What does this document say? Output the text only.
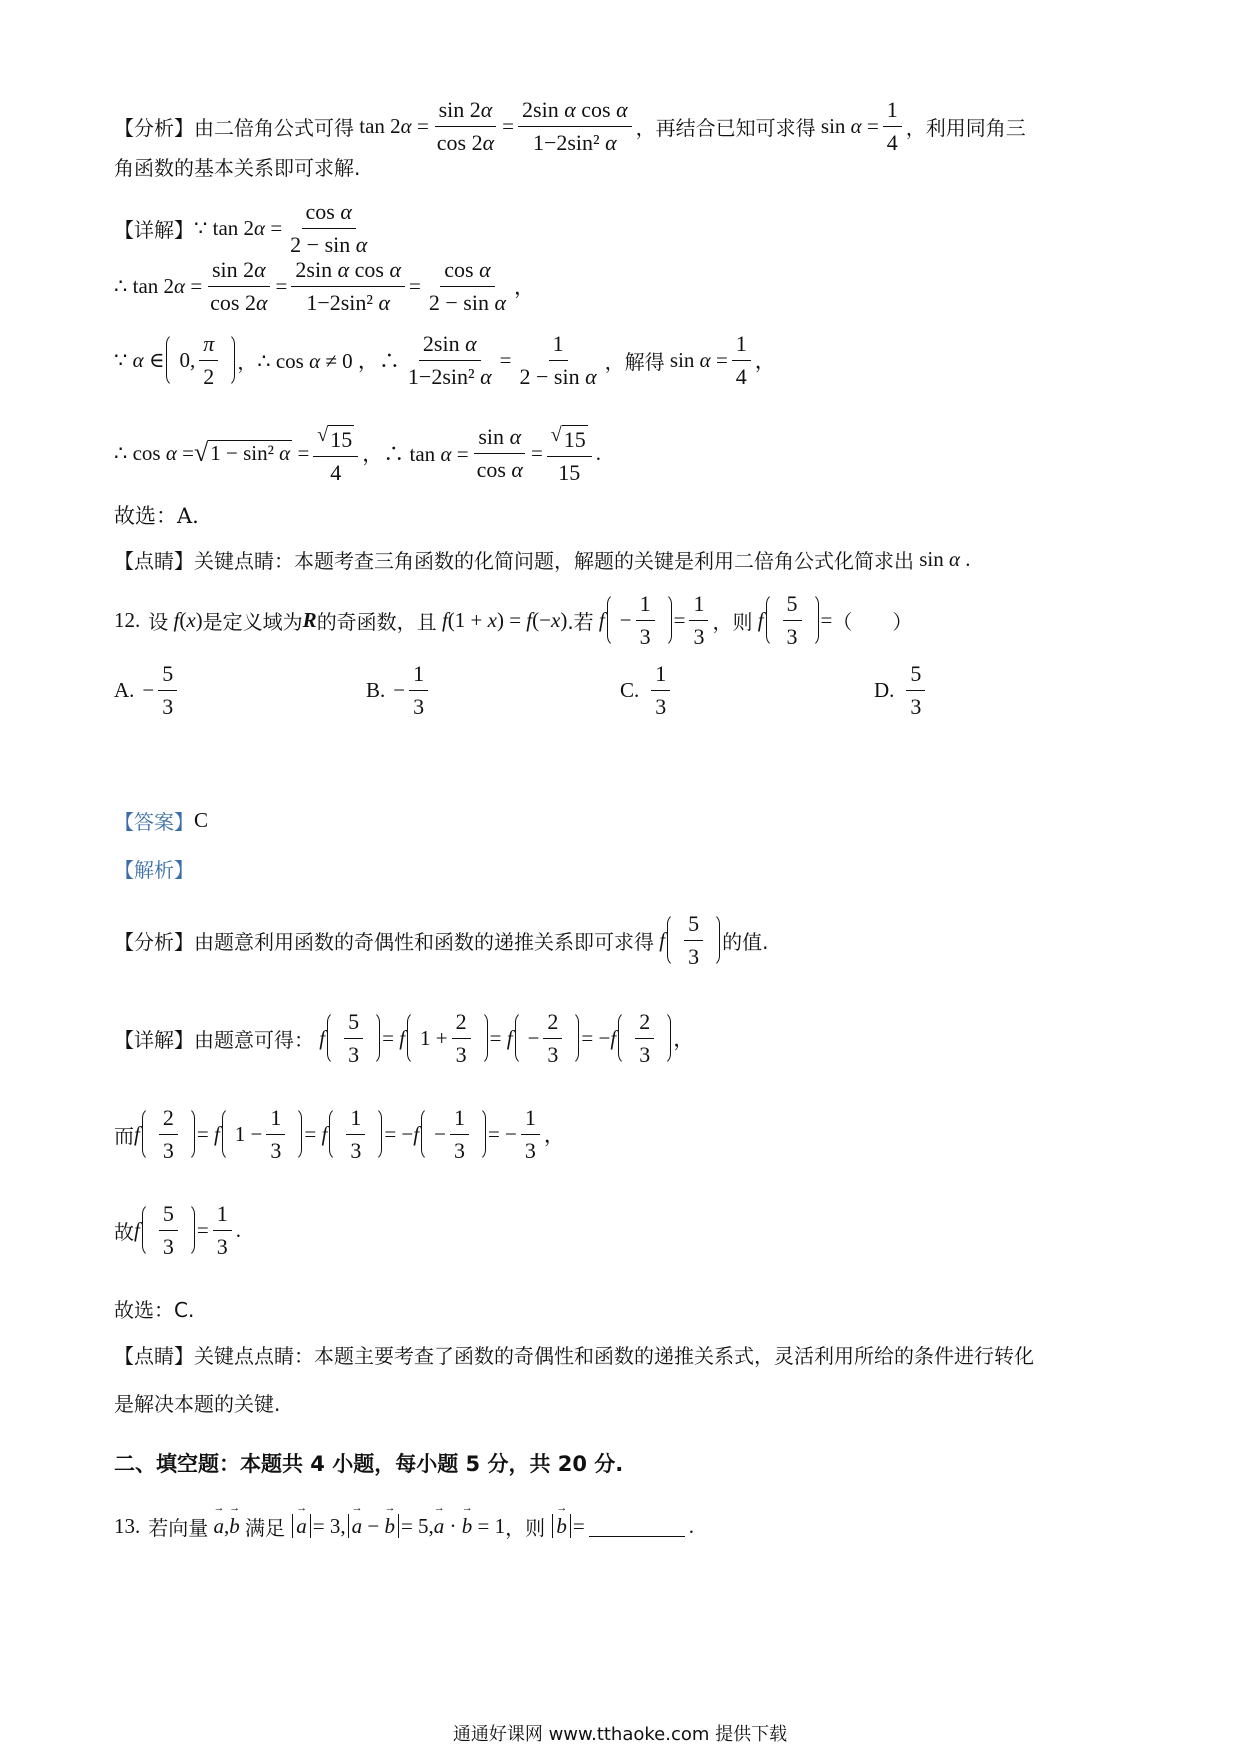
【分析】 由二倍角公式可得 $\tan 2\alpha = \frac{\sin 2\alpha}{\cos 2\alpha} = \frac{\text{2sin α cos α}}{\text{1−2sin² α}}$ ，再结合已知可求得 $\sin \alpha = \frac{1}{4}$ ，利用同角三
角函数的基本关系即可求解.
【详解】 ∵ $\tan 2\alpha = \frac{\text{cos α}}{\text{2 − sin α}}$
∴ $\tan 2\alpha = \frac{\sin 2\alpha}{\cos 2\alpha} = \frac{\text{2sin α cos α}}{\text{1−2sin² α}} = \frac{\text{cos α}}{\text{2 − sin α}}$ ，
∵ α ∈ 0, $\frac{\pi}{2}$ ， ∴ cos α ≠ 0 ，∴ $\frac{\text{2sin α}}{\text{1−2sin² α}} = \frac{1}{\text{2 − sin α}}$ ，解得 $\sin \alpha = \frac{1}{4}$ ，
∴ cos α = √ 1 − sin² $\alpha = \frac{√ 15}{4}$ ，∴ $\tan \alpha = \frac{\text{sin α}}{\text{cos α}} = \frac{√ 15}{15}$ .
故选：A.
【点睛】 关键点睛：本题考查三角函数的化简问题，解题的关键是利用二倍角公式化简求出 sin α .
12. 设 f(x) 是定义域为 R 的奇函数，且 f(1 + x) = f(−x) .若 $f - \frac{1}{3} = \frac{1}{3}$ ，则 f $\frac{5}{3}$ = （　　）
A. − $\frac{5}{3}$	B. − $\frac{1}{3}$	C. $\frac{1}{3}$	D. $\frac{5}{3}$
【答案】 C
【解析】
【分析】 由题意利用函数的奇偶性和函数的递推关系即可求得 f $\frac{5}{3}$ 的值.
【详解】 由题意可得： f $\frac{5}{3} = f$ $1 + \frac{2}{3} = f - \frac{2}{3} = -f \frac{2}{3}$ ，
而 f $\frac{2}{3} = f$ $1 - \frac{1}{3} = f \frac{1}{3} = -f - \frac{1}{3}$ = − $\frac{1}{3}$ ，
故 f $\frac{5}{3} = \frac{1}{3}$ .
故选：C.
【点睛】 关键点点睛：本题主要考查了函数的奇偶性和函数的递推关系式，灵活利用所给的条件进行转化
是解决本题的关键.
二、填空题：本题共 4 小题，每小题 5 分，共 20 分.
13. 若向量 → a,→ b 满足 → a = 3, → a − → b = 5,→ a · → b = 1 ，则 → b =	.
通通好课网 www.tthaoke.com 提供下载
